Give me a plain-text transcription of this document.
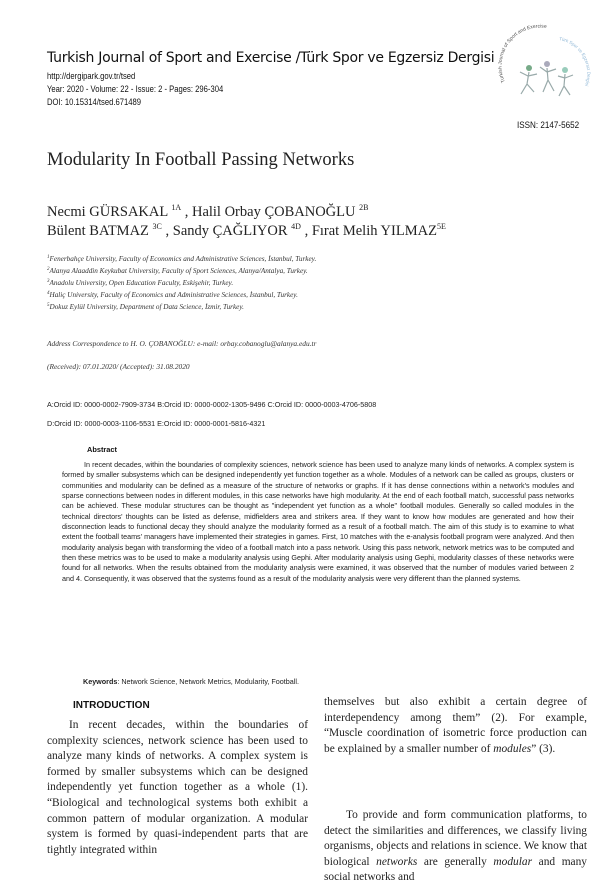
Turkish Journal of Sport and Exercise /Türk Spor ve Egzersiz Dergisi
http://dergipark.gov.tr/tsed
Year: 2020 - Volume: 22 - Issue: 2 - Pages: 296-304
DOI: 10.15314/tsed.671489
Turkish Journal of Sport and Exercise
Türk Spor ve Egzersiz Dergisi
ISSN: 2147-5652
Modularity In Football Passing Networks
Necmi GÜRSAKAL $^{1A}$ , Halil Orbay ÇOBANOĞLU $^{2B}$
Bülent BATMAZ $^{3C}$ , Sandy ÇAĞLIYOR $^{4D}$ , Fırat Melih $YILMAZ^{5E}$
$^1$Fenerbahçe University, Faculty of Economics and Administrative Sciences, İstanbul, Turkey.
$^2$Alanya Alaaddin Keykubat University, Faculty of Sport Sciences, Alanya/Antalya, Turkey.
$^3$Anadolu University, Open Education Faculty, Eskişehir, Turkey.
$^4$Haliç University, Faculty of Economics and Administrative Sciences, İstanbul, Turkey.
$^5$Dokuz Eylül University, Department of Data Science, İzmir, Turkey.
Address Correspondence to H. O. ÇOBANOĞLU: e-mail: orbay.cobanoglu@alanya.edu.tr
(Received): 07.01.2020/ (Accepted): 31.08.2020
A:Orcid ID: 0000-0002-7909-3734 B:Orcid ID: 0000-0002-1305-9496 C:Orcid ID: 0000-0003-4706-5808
D:Orcid ID: 0000-0003-1106-5531 E:Orcid ID: 0000-0001-5816-4321
Abstract

In recent decades, within the boundaries of complexity sciences, network science has been used to analyze many kinds of networks. A complex system is formed by smaller subsystems which can be designed independently yet function together as a whole. Modules of a network can be called as groups, clusters or communities and modularity can be defined as a measure of the structure of networks or graphs. If it has dense connections within a network's modules and sparse connections between nodes in different modules, in this case networks have high modularity. At the end of each football match, successful pass networks can be achieved. These modular structures can be thought as "independent yet function as a whole" football modules. Generally so called modules in the technical directors' thoughts can be listed as defense, midfielders area and strikers area. If they want to know how modules are generated and how their disconnection leads to functional decay they should analyze the modularity formed as a result of a football match. The aim of this study is to examine to what extent the football teams' managers have implemented their strategies in games. First, 10 matches with the e-analysis football program were analyzed. And then modularity analysis began with transforming the video of a football match into a pass network. Using this pass network, network metrics was to be computed and then these metrics was to be used to make a modularity analysis using Gephi. After modularity analysis using Gephi, modularity classes of these networks were found for all networks. When the results obtained from the modularity analysis were examined, it was observed that the number of modules varied between 2 and 4. Consequently, it was observed that the systems found as a result of the modularity analysis were very different than the planned systems.

Keywords: Network Science, Network Metrics, Modularity, Football.
INTRODUCTION

In recent decades, within the boundaries of complexity sciences, network science has been used to analyze many kinds of networks. A complex system is formed by smaller subsystems which can be designed independently yet function together as a whole (1). “Biological and technological systems both exhibit a common pattern of modular organization. A modular system is formed by quasi-independent parts that are tightly integrated within

themselves but also exhibit a certain degree of interdependency among them” (2). For example, “Muscle coordination of isometric force production can be explained by a smaller number of modules” (3).

To provide and form communication platforms, to detect the similarities and differences, we classify living organisms, objects and relations in science. We know that biological networks are generally modular and many social networks and
